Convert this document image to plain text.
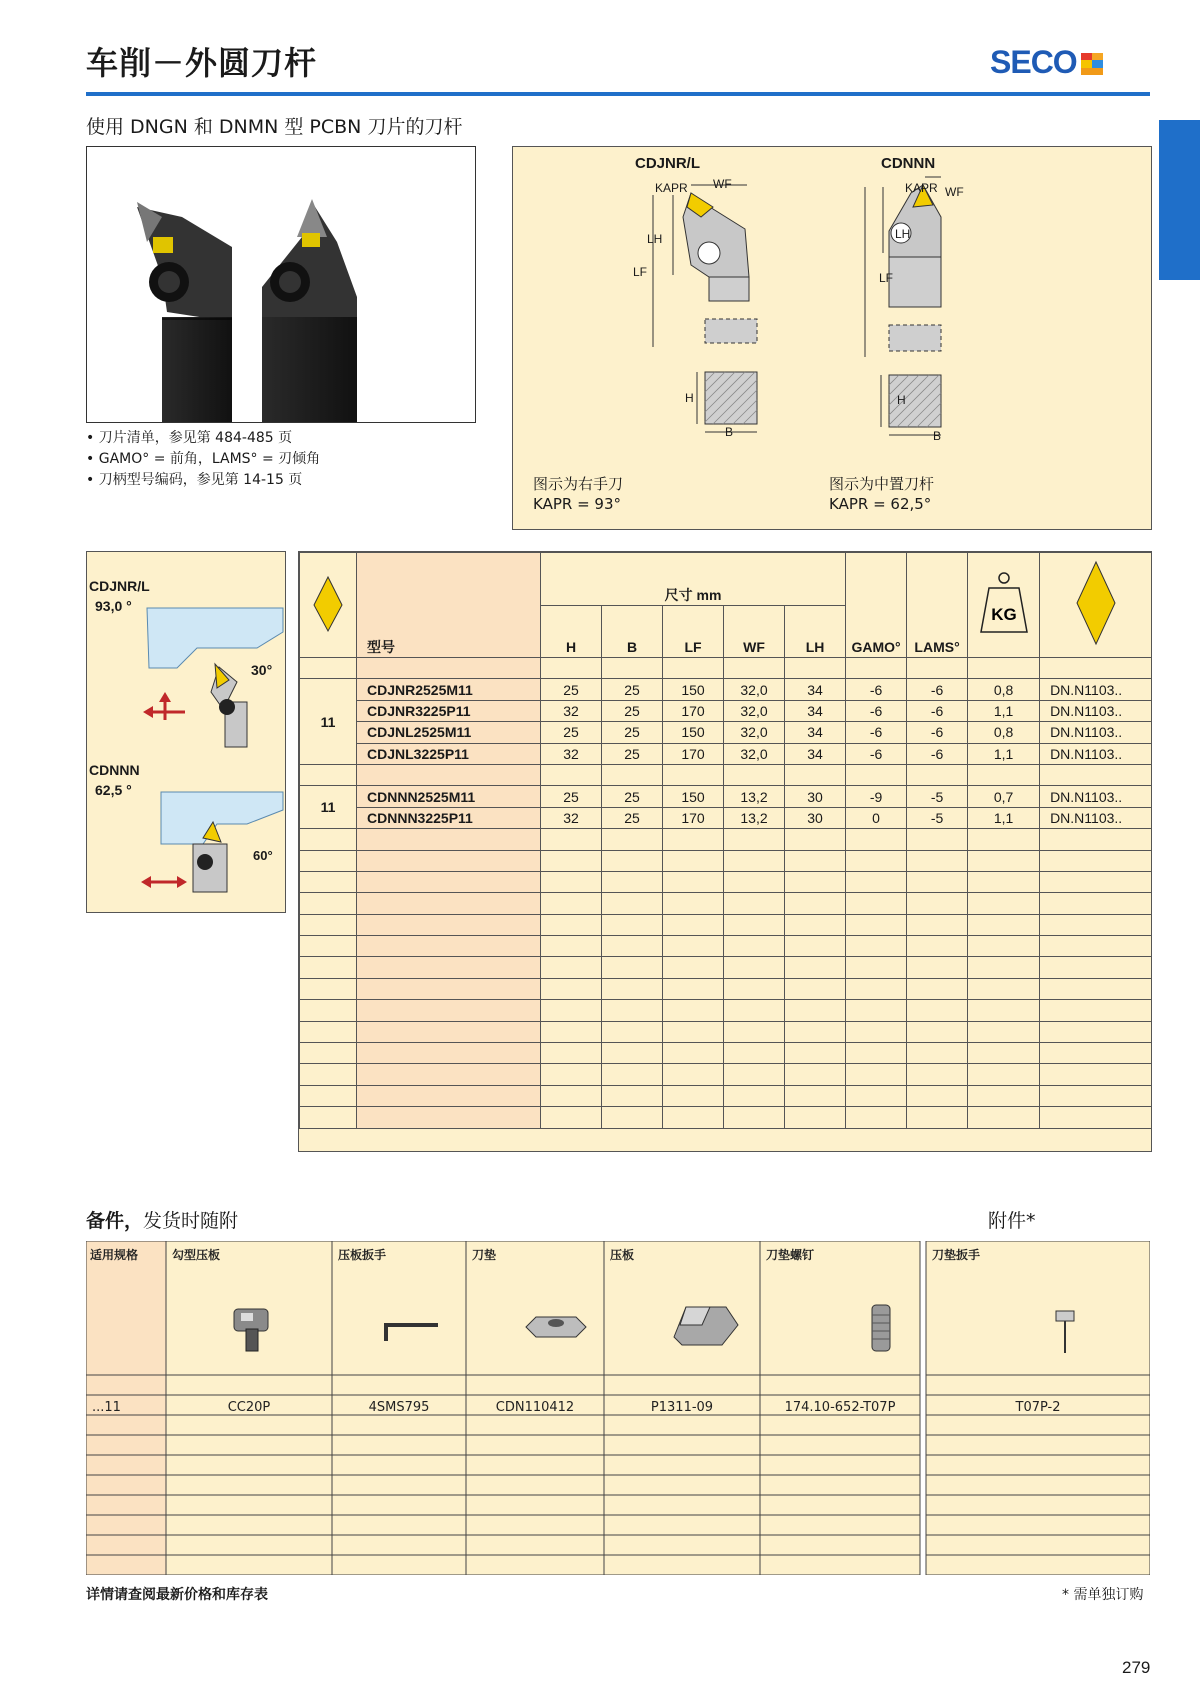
车削－外圆刀杆	SECO
使用 DNGN 和 DNMN 型 PCBN 刀片的刀杆
• 刀片清单，参见第 484-485 页
• GAMO° = 前角，LAMS° = 刃倾角
• 刀柄型号编码，参见第 14-15 页
CDJNR/L	CDNNN
KAPR WF
LH
LF
H
B
KAPR WF
LH
LF
H
B
图示为右手刀
KAPR = 93°
图示为中置刀杆
KAPR = 62,5°
CDJNR/L
93,0 °
CDNNN
62,5 °
30°
60°
	型号	尺寸 mm					GAMO°	LAMS°	KG

		H	B	LF	WF	LH				

11	CDJNR2525M11	25	25	150	32,0	34	-6	-6	0,8	DN.N1103..
	CDJNR3225P11	32	25	170	32,0	34	-6	-6	1,1	DN.N1103..
	CDJNL2525M11	25	25	150	32,0	34	-6	-6	0,8	DN.N1103..
	CDJNL3225P11	32	25	170	32,0	34	-6	-6	1,1	DN.N1103..

11	CDNNN2525M11	25	25	150	13,2	30	-9	-5	0,7	DN.N1103..
	CDNNN3225P11	32	25	170	13,2	30	0	-5	1,1	DN.N1103..

备件，发货时随附	附件*
适用规格	勾型压板	压板扳手	刀垫	压板	刀垫螺钉	刀垫扳手
...11	CC20P	4SMS795	CDN110412	P1311-09	174.10-652-T07P	T07P-2
详情请查阅最新价格和库存表	* 需单独订购
279
